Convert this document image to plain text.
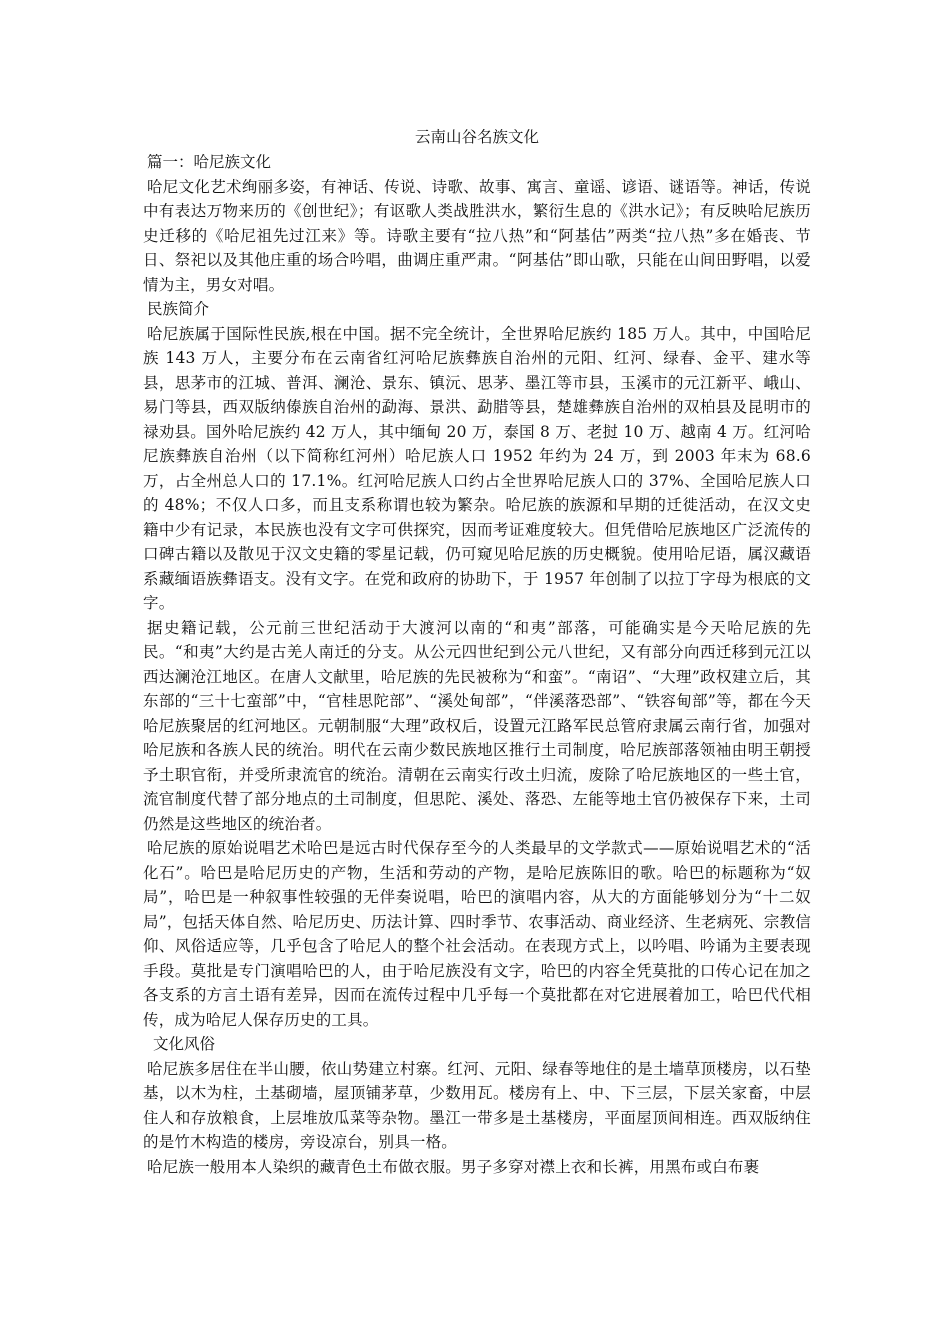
云南山谷名族文化
篇一：哈尼族文化

哈尼文化艺术绚丽多姿，有神话、传说、诗歌、故事、寓言、童谣、谚语、谜语等。神话，传说中有表达万物来历的《创世纪》；有讴歌人类战胜洪水，繁衍生息的《洪水记》；有反映哈尼族历史迁移的《哈尼祖先过江来》等。诗歌主要有“拉八热”和“阿基估”两类“拉八热”多在婚丧、节日、祭祀以及其他庄重的场合吟唱，曲调庄重严肃。“阿基估”即山歌，只能在山间田野唱，以爱情为主，男女对唱。

民族简介

哈尼族属于国际性民族,根在中国。据不完全统计，全世界哈尼族约 185 万人。其中，中国哈尼族 143 万人，主要分布在云南省红河哈尼族彝族自治州的元阳、红河、绿春、金平、建水等县，思茅市的江城、普洱、澜沧、景东、镇沅、思茅、墨江等市县，玉溪市的元江新平、峨山、易门等县，西双版纳傣族自治州的勐海、景洪、勐腊等县，楚雄彝族自治州的双柏县及昆明市的禄劝县。国外哈尼族约 42 万人，其中缅甸 20 万，泰国 8 万、老挝 10 万、越南 4 万。红河哈尼族彝族自治州（以下简称红河州）哈尼族人口 1952 年约为 24 万，到 2003 年末为 68.6 万，占全州总人口的 17.1%。红河哈尼族人口约占全世界哈尼族人口的 37%、全国哈尼族人口的 48%；不仅人口多，而且支系称谓也较为繁杂。哈尼族的族源和早期的迁徙活动，在汉文史籍中少有记录，本民族也没有文字可供探究，因而考证难度较大。但凭借哈尼族地区广泛流传的口碑古籍以及散见于汉文史籍的零星记载，仍可窥见哈尼族的历史概貌。使用哈尼语，属汉藏语系藏缅语族彝语支。没有文字。在党和政府的协助下，于 1957 年创制了以拉丁字母为根底的文字。

据史籍记载，公元前三世纪活动于大渡河以南的“和夷”部落，可能确实是今天哈尼族的先民。“和夷”大约是古羌人南迁的分支。从公元四世纪到公元八世纪，又有部分向西迁移到元江以西达澜沧江地区。在唐人文献里，哈尼族的先民被称为“和蛮”。“南诏”、“大理”政权建立后，其东部的“三十七蛮部”中，“官桂思陀部”、“溪处甸部”，“伴溪落恐部”、“铁容甸部”等，都在今天哈尼族聚居的红河地区。元朝制服“大理”政权后，设置元江路军民总管府隶属云南行省，加强对哈尼族和各族人民的统治。明代在云南少数民族地区推行土司制度，哈尼族部落领袖由明王朝授予土职官衔，并受所隶流官的统治。清朝在云南实行改土归流，废除了哈尼族地区的一些土官，流官制度代替了部分地点的土司制度，但思陀、溪处、落恐、左能等地土官仍被保存下来，土司仍然是这些地区的统治者。

哈尼族的原始说唱艺术哈巴是远古时代保存至今的人类最早的文学款式——原始说唱艺术的“活化石”。哈巴是哈尼历史的产物，生活和劳动的产物，是哈尼族陈旧的歌。哈巴的标题称为“奴局”，哈巴是一种叙事性较强的无伴奏说唱，哈巴的演唱内容，从大的方面能够划分为“十二奴局”，包括天体自然、哈尼历史、历法计算、四时季节、农事活动、商业经济、生老病死、宗教信仰、风俗适应等，几乎包含了哈尼人的整个社会活动。在表现方式上，以吟唱、吟诵为主要表现手段。莫批是专门演唱哈巴的人，由于哈尼族没有文字，哈巴的内容全凭莫批的口传心记在加之各支系的方言土语有差异，因而在流传过程中几乎每一个莫批都在对它进展着加工，哈巴代代相传，成为哈尼人保存历史的工具。

文化风俗

哈尼族多居住在半山腰，依山势建立村寨。红河、元阳、绿春等地住的是土墙草顶楼房，以石垫基，以木为柱，土基砌墙，屋顶铺茅草，少数用瓦。楼房有上、中、下三层，下层关家畜，中层住人和存放粮食，上层堆放瓜菜等杂物。墨江一带多是土基楼房，平面屋顶间相连。西双版纳住的是竹木构造的楼房，旁设凉台，别具一格。

哈尼族一般用本人染织的藏青色土布做衣服。男子多穿对襟上衣和长裤，用黑布或白布裹
